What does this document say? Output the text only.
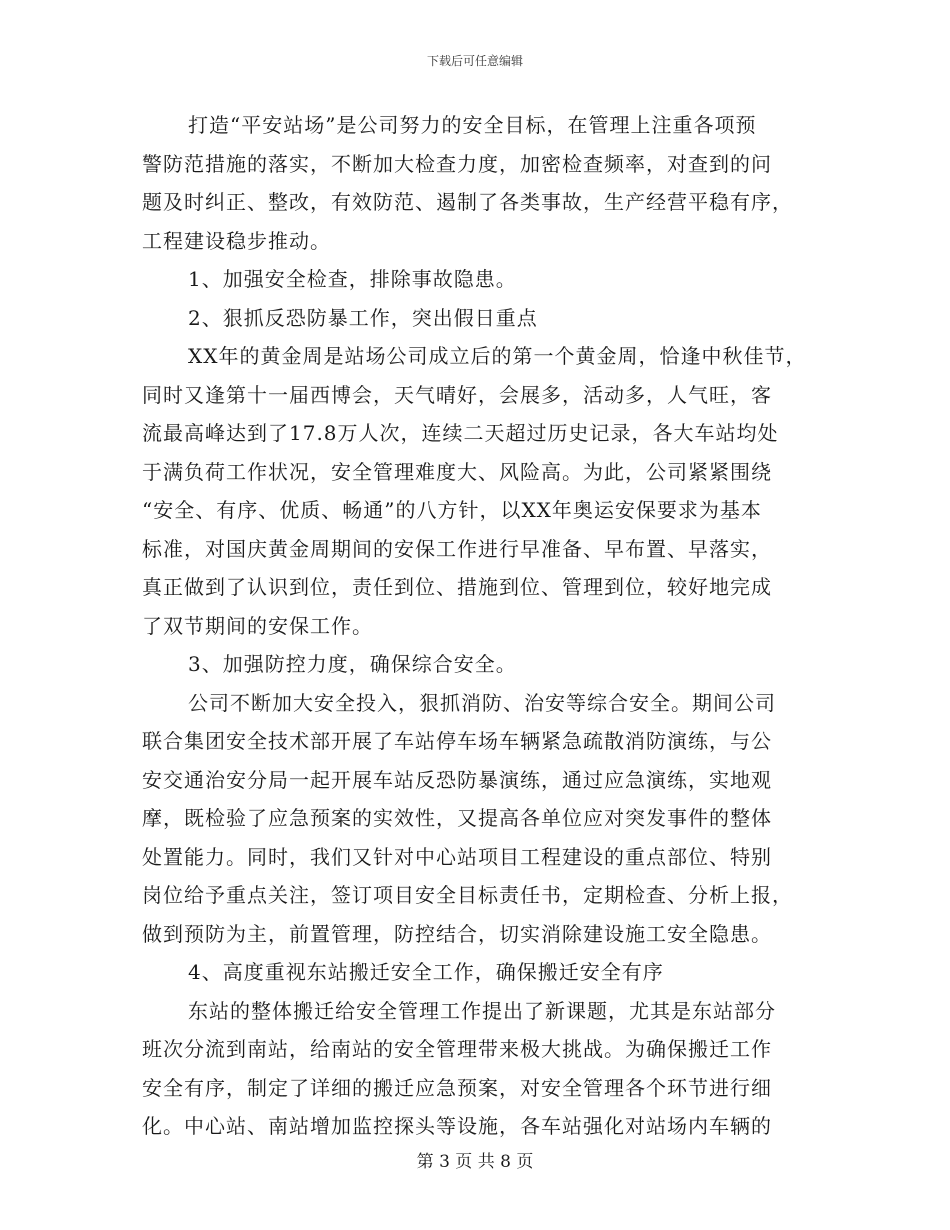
下载后可任意编辑
打造“平安站场”是公司努力的安全目标，在管理上注重各项预
警防范措施的落实，不断加大检查力度，加密检查频率，对查到的问
题及时纠正、整改，有效防范、遏制了各类事故，生产经营平稳有序，
工程建设稳步推动。
1、加强安全检查，排除事故隐患。
2、狠抓反恐防暴工作，突出假日重点
XX年的黄金周是站场公司成立后的第一个黄金周，恰逢中秋佳节，
同时又逢第十一届西博会，天气晴好，会展多，活动多，人气旺，客
流最高峰达到了17.8万人次，连续二天超过历史记录，各大车站均处
于满负荷工作状况，安全管理难度大、风险高。为此，公司紧紧围绕
“安全、有序、优质、畅通”的八方针，以XX年奥运安保要求为基本
标准，对国庆黄金周期间的安保工作进行早准备、早布置、早落实，
真正做到了认识到位，责任到位、措施到位、管理到位，较好地完成
了双节期间的安保工作。
3、加强防控力度，确保综合安全。
公司不断加大安全投入，狠抓消防、治安等综合安全。期间公司
联合集团安全技术部开展了车站停车场车辆紧急疏散消防演练，与公
安交通治安分局一起开展车站反恐防暴演练，通过应急演练，实地观
摩，既检验了应急预案的实效性，又提高各单位应对突发事件的整体
处置能力。同时，我们又针对中心站项目工程建设的重点部位、特别
岗位给予重点关注，签订项目安全目标责任书，定期检查、分析上报，
做到预防为主，前置管理，防控结合，切实消除建设施工安全隐患。
4、高度重视东站搬迁安全工作，确保搬迁安全有序
东站的整体搬迁给安全管理工作提出了新课题，尤其是东站部分
班次分流到南站，给南站的安全管理带来极大挑战。为确保搬迁工作
安全有序，制定了详细的搬迁应急预案，对安全管理各个环节进行细
化。中心站、南站增加监控探头等设施，各车站强化对站场内车辆的
第 3 页 共 8 页
